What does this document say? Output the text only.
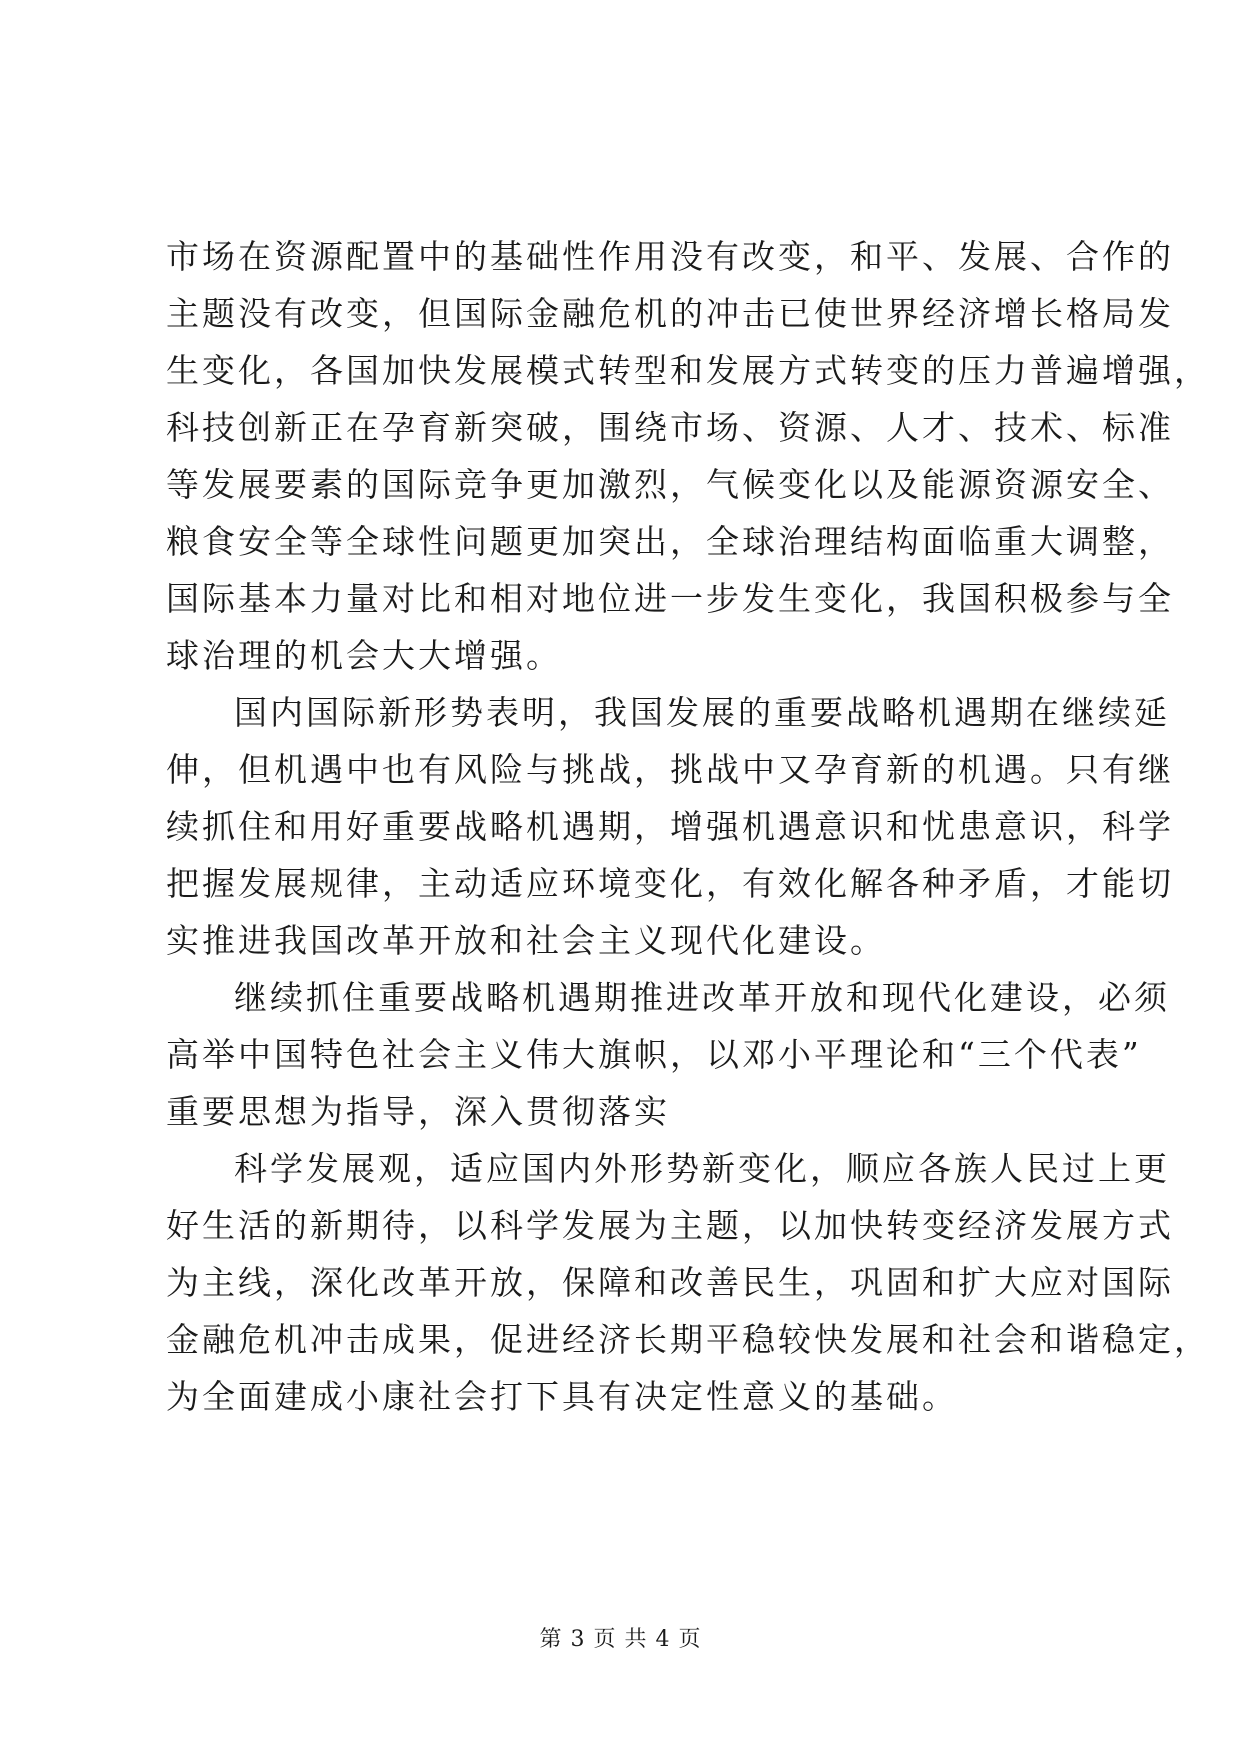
市场在资源配置中的基础性作用没有改变，和平、发展、合作的
主题没有改变，但国际金融危机的冲击已使世界经济增长格局发
生变化，各国加快发展模式转型和发展方式转变的压力普遍增强，
科技创新正在孕育新突破，围绕市场、资源、人才、技术、标准
等发展要素的国际竞争更加激烈，气候变化以及能源资源安全、
粮食安全等全球性问题更加突出，全球治理结构面临重大调整，
国际基本力量对比和相对地位进一步发生变化，我国积极参与全
球治理的机会大大增强。
国内国际新形势表明，我国发展的重要战略机遇期在继续延
伸，但机遇中也有风险与挑战，挑战中又孕育新的机遇。只有继
续抓住和用好重要战略机遇期，增强机遇意识和忧患意识，科学
把握发展规律，主动适应环境变化，有效化解各种矛盾，才能切
实推进我国改革开放和社会主义现代化建设。
继续抓住重要战略机遇期推进改革开放和现代化建设，必须
高举中国特色社会主义伟大旗帜，以邓小平理论和“三个代表”
重要思想为指导，深入贯彻落实
科学发展观，适应国内外形势新变化，顺应各族人民过上更
好生活的新期待，以科学发展为主题，以加快转变经济发展方式
为主线，深化改革开放，保障和改善民生，巩固和扩大应对国际
金融危机冲击成果，促进经济长期平稳较快发展和社会和谐稳定，
为全面建成小康社会打下具有决定性意义的基础。
第 3 页 共 4 页
